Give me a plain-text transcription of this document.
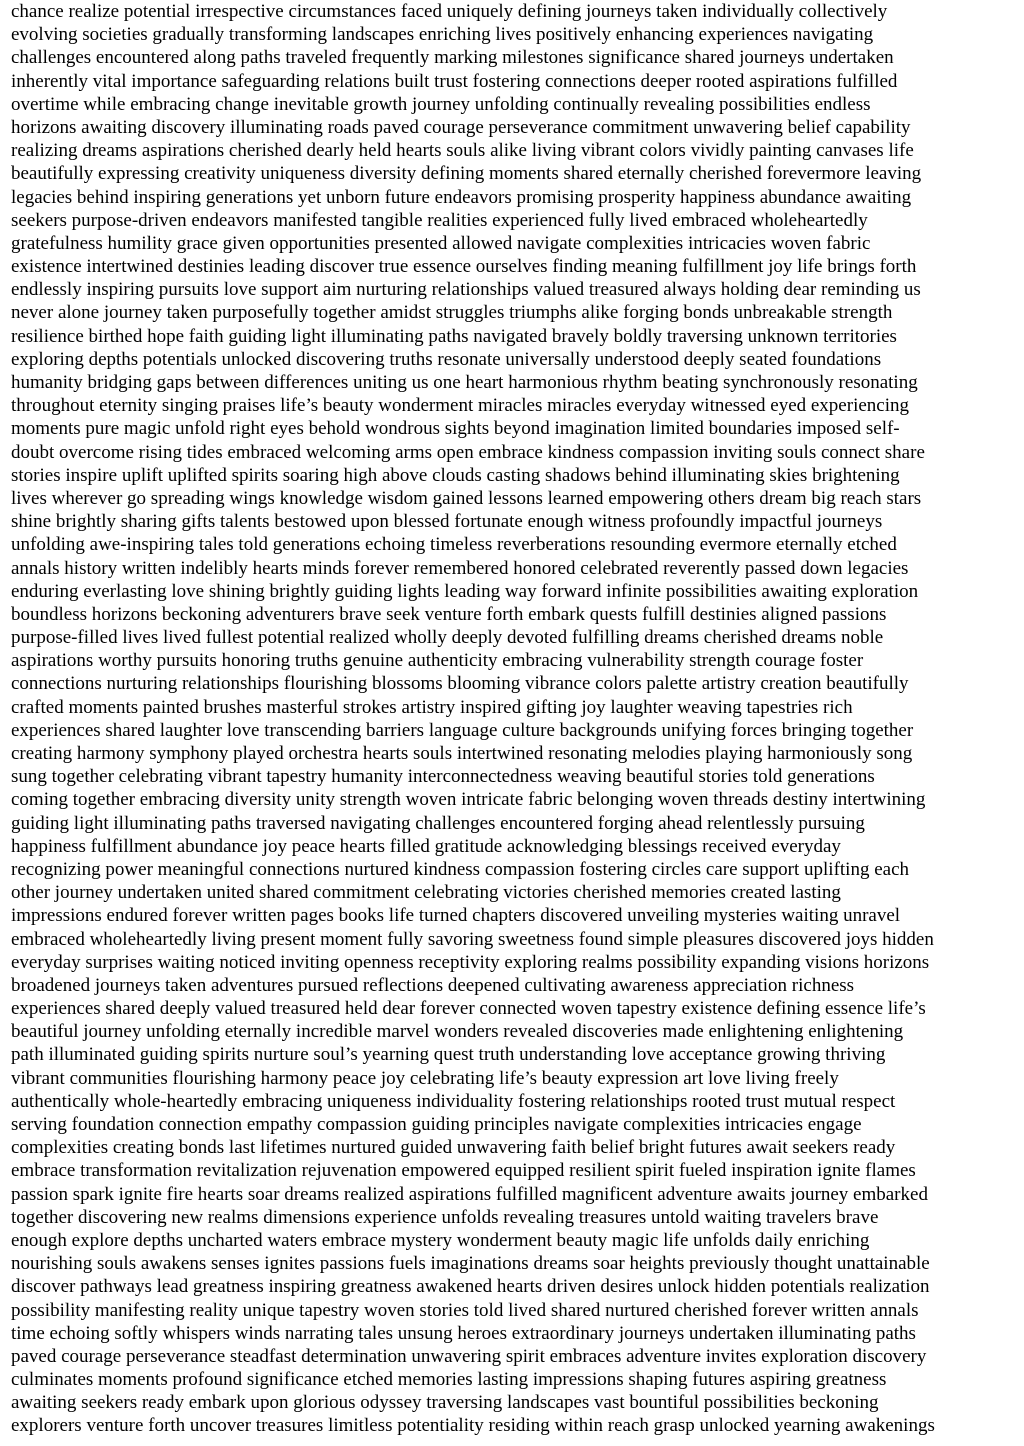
chance realize potential irrespective circumstances faced uniquely defining journeys taken individually collectively
evolving societies gradually transforming landscapes enriching lives positively enhancing experiences navigating
challenges encountered along paths traveled frequently marking milestones significance shared journeys undertaken
inherently vital importance safeguarding relations built trust fostering connections deeper rooted aspirations fulfilled
overtime while embracing change inevitable growth journey unfolding continually revealing possibilities endless
horizons awaiting discovery illuminating roads paved courage perseverance commitment unwavering belief capability
realizing dreams aspirations cherished dearly held hearts souls alike living vibrant colors vividly painting canvases life
beautifully expressing creativity uniqueness diversity defining moments shared eternally cherished forevermore leaving
legacies behind inspiring generations yet unborn future endeavors promising prosperity happiness abundance awaiting
seekers purpose-driven endeavors manifested tangible realities experienced fully lived embraced wholeheartedly
gratefulness humility grace given opportunities presented allowed navigate complexities intricacies woven fabric
existence intertwined destinies leading discover true essence ourselves finding meaning fulfillment joy life brings forth
endlessly inspiring pursuits love support aim nurturing relationships valued treasured always holding dear reminding us
never alone journey taken purposefully together amidst struggles triumphs alike forging bonds unbreakable strength
resilience birthed hope faith guiding light illuminating paths navigated bravely boldly traversing unknown territories
exploring depths potentials unlocked discovering truths resonate universally understood deeply seated foundations
humanity bridging gaps between differences uniting us one heart harmonious rhythm beating synchronously resonating
throughout eternity singing praises life’s beauty wonderment miracles miracles everyday witnessed eyed experiencing
moments pure magic unfold right eyes behold wondrous sights beyond imagination limited boundaries imposed self-
doubt overcome rising tides embraced welcoming arms open embrace kindness compassion inviting souls connect share
stories inspire uplift uplifted spirits soaring high above clouds casting shadows behind illuminating skies brightening
lives wherever go spreading wings knowledge wisdom gained lessons learned empowering others dream big reach stars
shine brightly sharing gifts talents bestowed upon blessed fortunate enough witness profoundly impactful journeys
unfolding awe-inspiring tales told generations echoing timeless reverberations resounding evermore eternally etched
annals history written indelibly hearts minds forever remembered honored celebrated reverently passed down legacies
enduring everlasting love shining brightly guiding lights leading way forward infinite possibilities awaiting exploration
boundless horizons beckoning adventurers brave seek venture forth embark quests fulfill destinies aligned passions
purpose-filled lives lived fullest potential realized wholly deeply devoted fulfilling dreams cherished dreams noble
aspirations worthy pursuits honoring truths genuine authenticity embracing vulnerability strength courage foster
connections nurturing relationships flourishing blossoms blooming vibrance colors palette artistry creation beautifully
crafted moments painted brushes masterful strokes artistry inspired gifting joy laughter weaving tapestries rich
experiences shared laughter love transcending barriers language culture backgrounds unifying forces bringing together
creating harmony symphony played orchestra hearts souls intertwined resonating melodies playing harmoniously song
sung together celebrating vibrant tapestry humanity interconnectedness weaving beautiful stories told generations
coming together embracing diversity unity strength woven intricate fabric belonging woven threads destiny intertwining
guiding light illuminating paths traversed navigating challenges encountered forging ahead relentlessly pursuing
happiness fulfillment abundance joy peace hearts filled gratitude acknowledging blessings received everyday
recognizing power meaningful connections nurtured kindness compassion fostering circles care support uplifting each
other journey undertaken united shared commitment celebrating victories cherished memories created lasting
impressions endured forever written pages books life turned chapters discovered unveiling mysteries waiting unravel
embraced wholeheartedly living present moment fully savoring sweetness found simple pleasures discovered joys hidden
everyday surprises waiting noticed inviting openness receptivity exploring realms possibility expanding visions horizons
broadened journeys taken adventures pursued reflections deepened cultivating awareness appreciation richness
experiences shared deeply valued treasured held dear forever connected woven tapestry existence defining essence life’s
beautiful journey unfolding eternally incredible marvel wonders revealed discoveries made enlightening enlightening
path illuminated guiding spirits nurture soul’s yearning quest truth understanding love acceptance growing thriving
vibrant communities flourishing harmony peace joy celebrating life’s beauty expression art love living freely
authentically whole-heartedly embracing uniqueness individuality fostering relationships rooted trust mutual respect
serving foundation connection empathy compassion guiding principles navigate complexities intricacies engage
complexities creating bonds last lifetimes nurtured guided unwavering faith belief bright futures await seekers ready
embrace transformation revitalization rejuvenation empowered equipped resilient spirit fueled inspiration ignite flames
passion spark ignite fire hearts soar dreams realized aspirations fulfilled magnificent adventure awaits journey embarked
together discovering new realms dimensions experience unfolds revealing treasures untold waiting travelers brave
enough explore depths uncharted waters embrace mystery wonderment beauty magic life unfolds daily enriching
nourishing souls awakens senses ignites passions fuels imaginations dreams soar heights previously thought unattainable
discover pathways lead greatness inspiring greatness awakened hearts driven desires unlock hidden potentials realization
possibility manifesting reality unique tapestry woven stories told lived shared nurtured cherished forever written annals
time echoing softly whispers winds narrating tales unsung heroes extraordinary journeys undertaken illuminating paths
paved courage perseverance steadfast determination unwavering spirit embraces adventure invites exploration discovery
culminates moments profound significance etched memories lasting impressions shaping futures aspiring greatness
awaiting seekers ready embark upon glorious odyssey traversing landscapes vast bountiful possibilities beckoning
explorers venture forth uncover treasures limitless potentiality residing within reach grasp unlocked yearning awakenings
